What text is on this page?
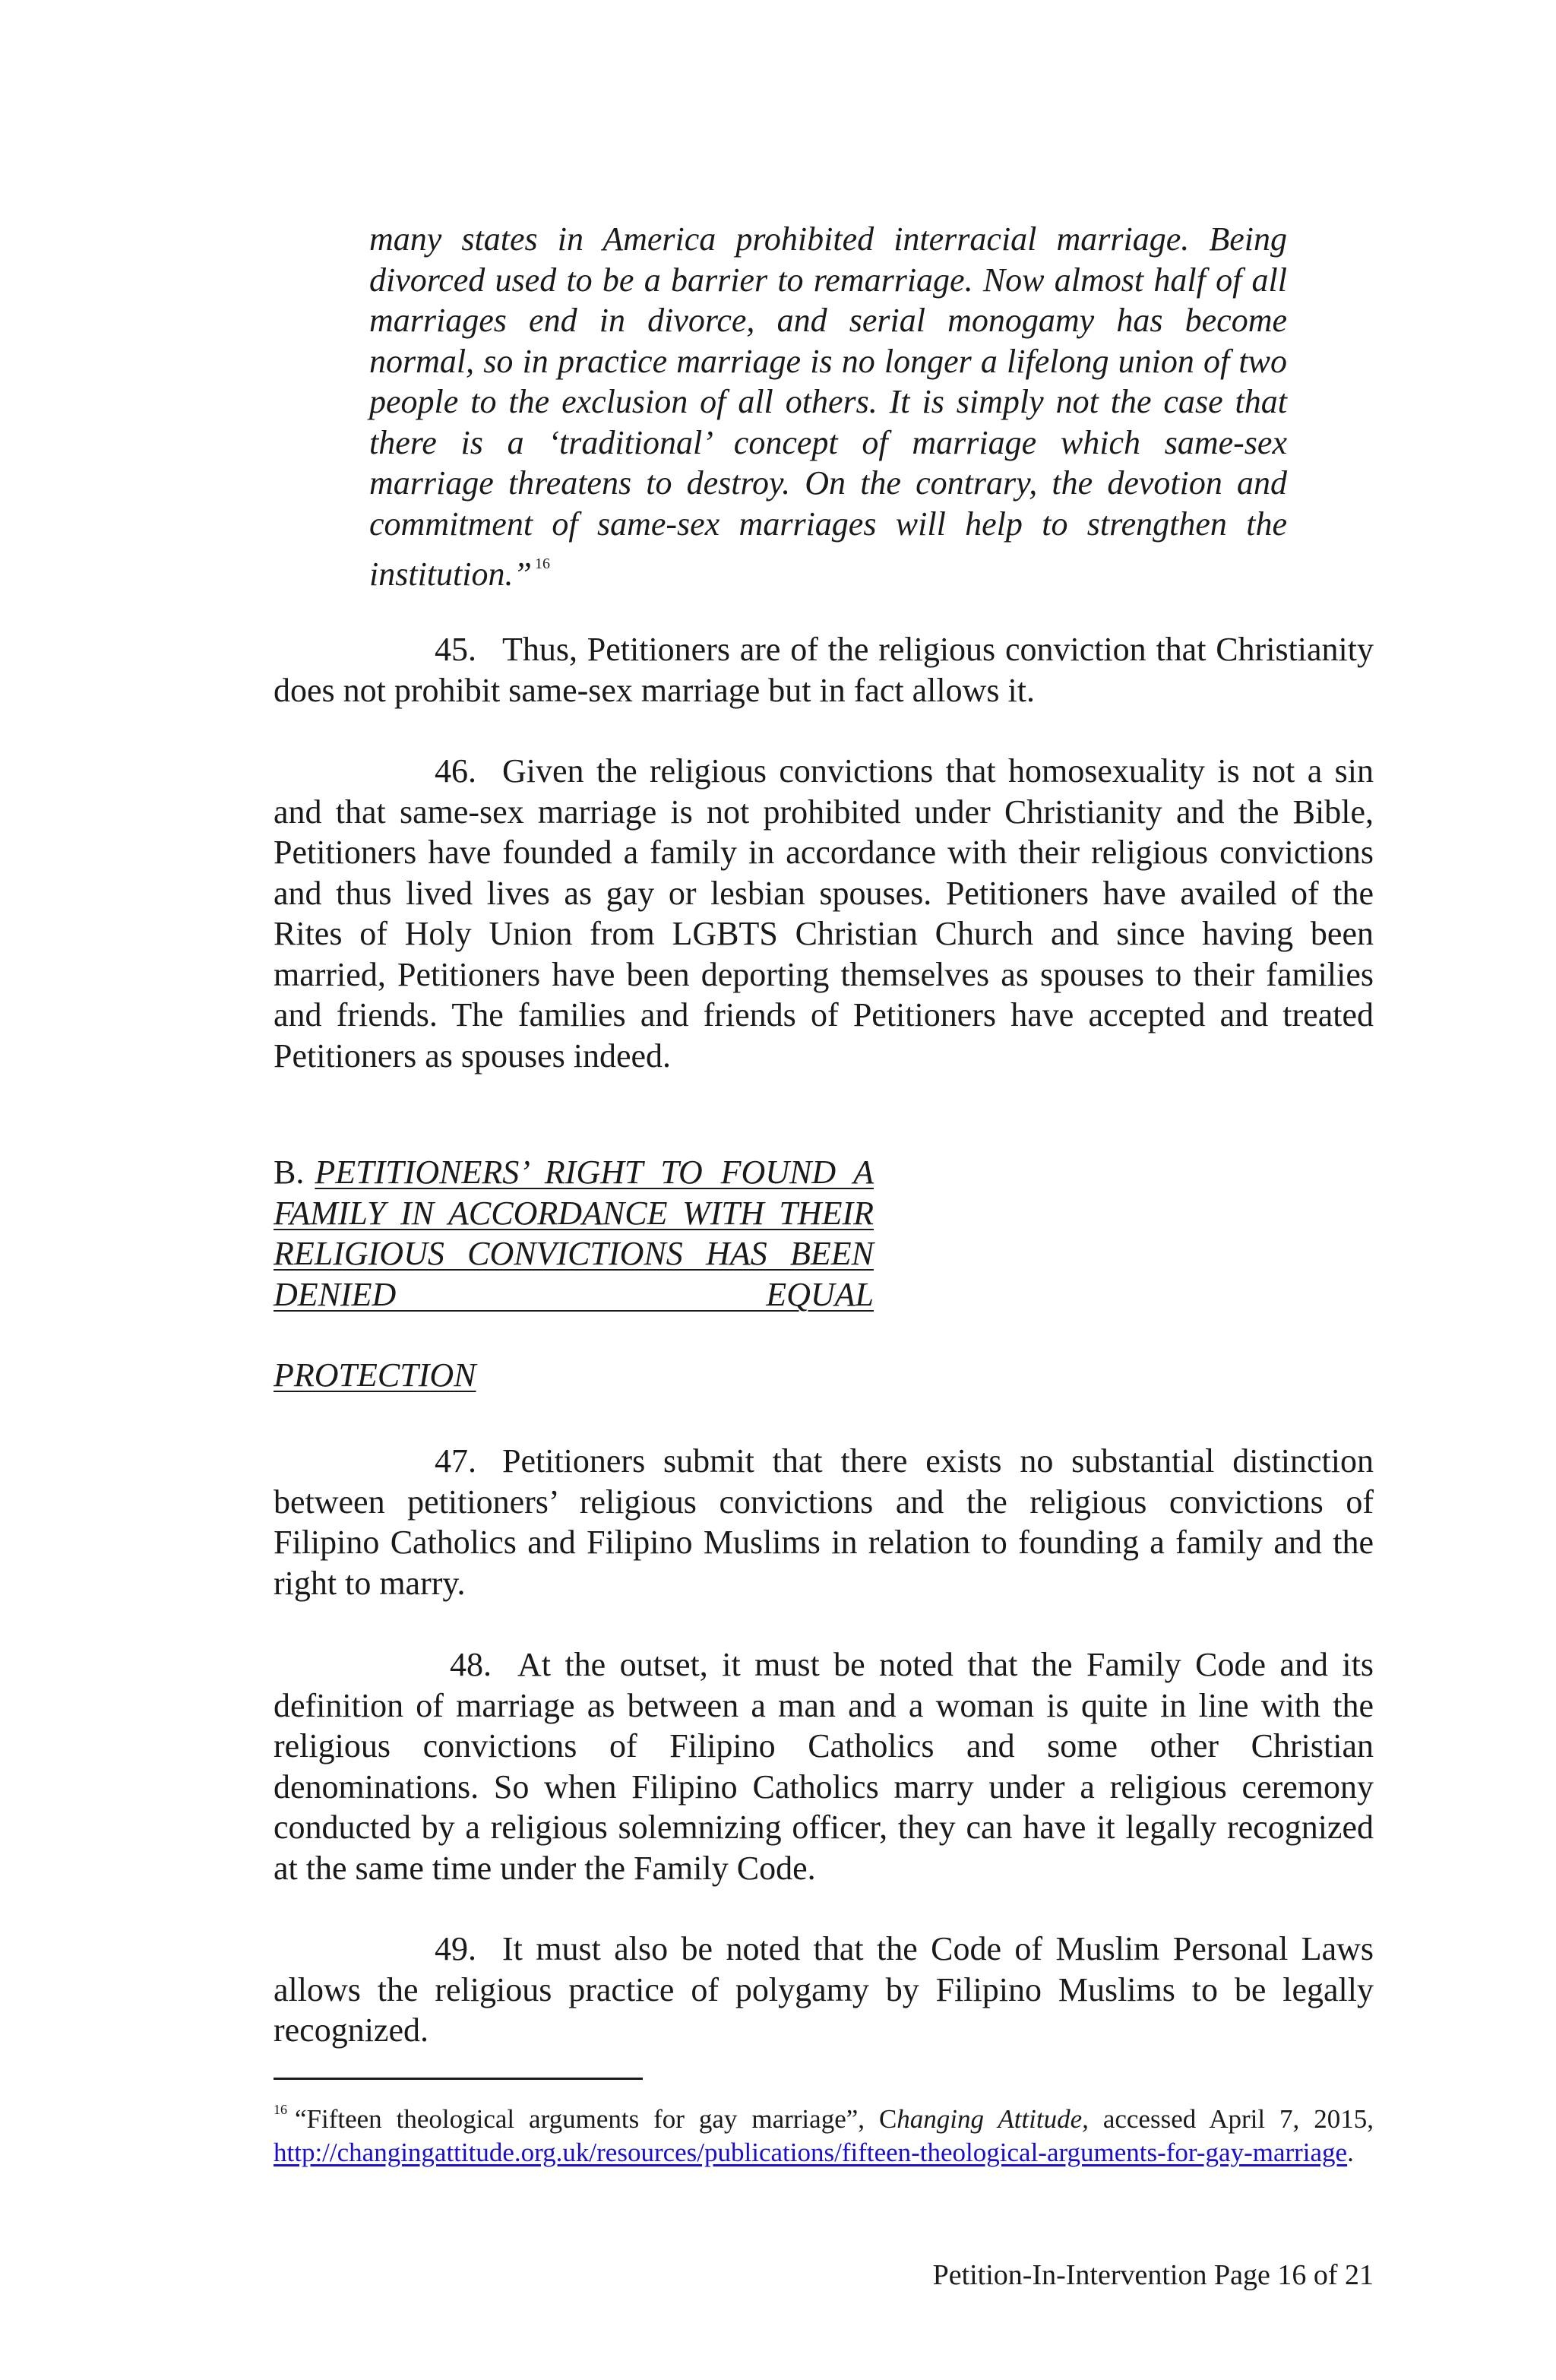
many states in America prohibited interracial marriage. Being divorced used to be a barrier to remarriage. Now almost half of all marriages end in divorce, and serial monogamy has become normal, so in practice marriage is no longer a lifelong union of two people to the exclusion of all others. It is simply not the case that there is a ‘traditional’ concept of marriage which same-sex marriage threatens to destroy. On the contrary, the devotion and commitment of same-sex marriages will help to strengthen the institution.” $^{16}$
45. Thus, Petitioners are of the religious conviction that Christianity does not prohibit same-sex marriage but in fact allows it.
46. Given the religious convictions that homosexuality is not a sin and that same-sex marriage is not prohibited under Christianity and the Bible, Petitioners have founded a family in accordance with their religious convictions and thus lived lives as gay or lesbian spouses. Petitioners have availed of the Rites of Holy Union from LGBTS Christian Church and since having been married, Petitioners have been deporting themselves as spouses to their families and friends. The families and friends of Petitioners have accepted and treated Petitioners as spouses indeed.
B. PETITIONERS’ RIGHT TO FOUND A FAMILY IN ACCORDANCE WITH THEIR RELIGIOUS CONVICTIONS HAS BEEN DENIED EQUAL
PROTECTION
47. Petitioners submit that there exists no substantial distinction between petitioners’ religious convictions and the religious convictions of Filipino Catholics and Filipino Muslims in relation to founding a family and the right to marry.
48. At the outset, it must be noted that the Family Code and its definition of marriage as between a man and a woman is quite in line with the religious convictions of Filipino Catholics and some other Christian denominations. So when Filipino Catholics marry under a religious ceremony conducted by a religious solemnizing officer, they can have it legally recognized at the same time under the Family Code.
49. It must also be noted that the Code of Muslim Personal Laws allows the religious practice of polygamy by Filipino Muslims to be legally recognized.
$^{16}$ “Fifteen theological arguments for gay marriage”, Changing Attitude, accessed April 7, 2015, http://changingattitude.org.uk/resources/publications/fifteen-theological-arguments-for-gay-marriage.
Petition-In-Intervention Page 16 of 21
